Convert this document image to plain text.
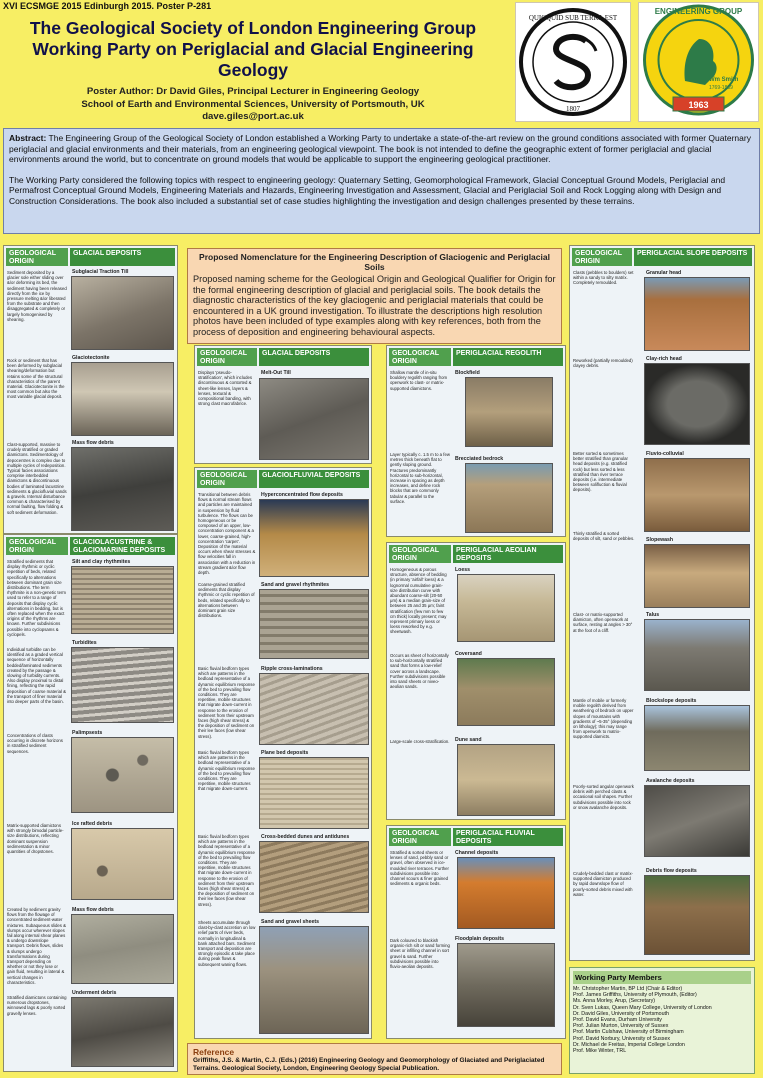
XVI ECSMGE 2015 Edinburgh 2015. Poster P-281
The Geological Society of London Engineering Group Working Party on Periglacial and Glacial Engineering Geology
Poster Author: Dr David Giles, Principal Lecturer in Engineering Geology
School of Earth and Environmental Sciences, University of Portsmouth, UK
dave.giles@port.ac.uk
QUICQUID SUB TERRA EST
1807
ENGINEERING GROUP
Wm Smith
1769-1839
1963

Abstract: The Engineering Group of the Geological Society of London established a Working Party to undertake a state-of-the-art review on the ground conditions associated with former Quaternary periglacial and glacial environments and their materials, from an engineering geological viewpoint. The book is not intended to define the geographic extent of former periglacial and glacial environments around the world, but to concentrate on ground models that would be applicable to support the engineering geological practitioner.

The Working Party considered the following topics with respect to engineering geology: Quaternary Setting, Geomorphological Framework, Glacial Conceptual Ground Models, Periglacial and Permafrost Conceptual Ground Models, Engineering Materials and Hazards, Engineering Investigation and Assessment, Glacial and Periglacial Soil and Rock Logging along with Design and Construction Considerations. The book also included a substantial set of case studies highlighting the investigation and design challenges presented by these terrains.

GEOLOGICAL ORIGIN
GLACIAL DEPOSITS
Sediment deposited by a glacier sole either sliding over &/or deforming its bed, the sediment having been released directly from the ice by pressure melting &/or liberated from the substrate and then disaggregated & completely or largely homogenised by shearing.
Subglacial Traction Till
Rock or sediment that has been deformed by subglacial shearing/deformation but retains some of the structural characteristics of the parent material. Glaciotectonite is the most common but also the most variable glacial deposit.
Glaciotectonite
Clast-supported, massive to crudely stratified or graded diamictons. Sedimentology of depocentres is complex due to multiple cycles of redeposition. Typical facies associations comprise interbedded diamictons & discontinuous bodies of laminated lacustrine sediments & glaciofluvial sands & gravels. Internal disturbance common & characterised by normal faulting, flow folding & soft sediment deformation.
Mass flow debris
GEOLOGICAL ORIGIN
GLACIOLACUSTRINE & GLACIOMARINE DEPOSITS
Stratified sediments that display rhythmic or cyclic repetition of beds, related specifically to alternations between dominant grain size distributions. The term rhythmite is a non-genetic term used to refer to a range of deposits that display cyclic alternations in bedding, but is often replaced when the exact origins of the rhythms are known. Further subdivisions possible into cyclopsams & cyclopels.
Silt and clay rhythmites
Individual turbidite can be identified as a graded vertical sequence of horizontally bedded/laminated sediments created by the passage & slowing of turbidity currents. Also display proximal to distal fining, reflecting the rapid deposition of coarse material & the transport of finer material into deeper parts of the basin.
Turbidites
Concentrations of clasts occurring in discrete horizons in stratified sediment sequences.
Palimpsests
Matrix-supported diamictons with strongly bimodal particle-size distributions, reflecting dominant suspension sedimentation & minor quantities of dropstones.
Ice rafted debris
Created by sediment gravity flows from the flowage of concentrated sediment-water mixtures. Subaqueous slides & slumps occur wherever slopes fail along internal shear planes & undergo downslope transport. Debris flows, slides & slumps undergo transformations during transport depending on whether or not they lose or gain fluid, resulting in lateral & vertical changes in characteristics.
Mass flow debris
Stratified diamictons containing numerous dropstones, winnowed lags & poorly sorted gravelly lenses.
Underment debris
Proposed Nomenclature for the Engineering Description of Glaciogenic and Periglacial Soils
Proposed naming scheme for the Geological Origin and Geological Qualifier for Origin for the formal engineering description of glacial and periglacial soils. The book details the diagnostic characteristics of the key glaciogenic and periglacial materials that could be encountered in a UK ground investigation. To illustrate the descriptions high resolution photos have been included of type examples along with key references, both from the process of deposition and engineering behavioural aspects.
GEOLOGICAL ORIGIN
GLACIAL DEPOSITS
Displays 'pseudo-stratification', which includes discontinuous & contorted & sheet-like lenses, layers & lenses, textural & compositional banding, with strong clast macrofabrice.
Melt-Out Till
GEOLOGICAL ORIGIN
GLACIOLFLUVIAL DEPOSITS
Transitional between debris flows & normal stream flows and particles are maintained in suspension by fluid turbulence. The flows can be homogeneous or be composed of an upper, low-concentration component & a lower, coarse-grained, high-concentration 'carpet'. Deposition of the material occurs when shear stresses & flow velocities fall in association with a reduction in stream gradient &/or flow depth.
Hyperconcentrated flow deposits
Coarse-grained stratified sediments that display rhythmic or cyclic repetition of beds, related specifically to alternations between dominant grain size distributions.
Sand and gravel rhythmites
Basic fluvial bedform types which are patterns in the bedload representative of a dynamic equilibrium response of the bed to prevailing flow conditions. They are repetitive, mobile structures that migrate down-current in response to the erosion of sediment from their upstream faces (high shear stress) & the deposition of sediment on their lee faces (low shear stress).
Ripple cross-laminations
Basic fluvial bedform types which are patterns in the bedload representative of a dynamic equilibrium response of the bed to prevailing flow conditions. They are repetitive, mobile structures that migrate down-current.
Plane bed deposits
Basic fluvial bedform types which are patterns in the bedload representative of a dynamic equilibrium response of the bed to prevailing flow conditions. They are repetitive, mobile structures that migrate down-current in response to the erosion of sediment from their upstream faces (high shear stress) & the deposition of sediment on their lee faces (low shear stress).
Cross-bedded dunes and antidunes
Sheets accumulate through clast-by-clast accretion on low relief parts of river beds, normally in longitudinal & bank attached bars. Sediment transport and deposition are strongly episodic & take place during peak flows & subsequent waning flows.
Sand and gravel sheets
GEOLOGICAL ORIGIN
PERIGLACIAL REGOLITH
Shallow mantle of in-situ bouldery regolith ranging from openwork to clast- or matrix-supported diamictons.
Blockfield
Layer typically c. 1.5 m to a few metres thick beneath flat to gently sloping ground. Fractures predominantly horizontal to sub-horizontal, increase in spacing as depth increases, and define rock blocks that are commonly tabular & parallel to the surface.
Brecciated bedrock
GEOLOGICAL ORIGIN
PERIGLACIAL AEOLIAN DEPOSITS
Homogeneous & porous structure, absence of bedding (in primary 'airfall' loess) & a lognormal cumulative grain-size distribution curve with abundant coarse-silt (20-50 μm) & a median grain-size of between 25 and 35 μm; faint stratification (few mm to few cm thick) locally present; may represent primary loess or loess reworked by e.g. sheetwash.
Loess
Occurs as sheet of horizontally to sub-horizontally stratified sand that forms a low-relief cover across a landscape. Further subdivisions possible into sand sheets or niveo-aeolian sands.
Coversand
Large-scale cross-stratification. Dune sand
GEOLOGICAL ORIGIN
PERIGLACIAL FLUVIAL DEPOSITS
Stratified & sorted sheets or lenses of sand, pebbly sand or gravel, often observed in ice-moulded river terraces. Further subdivisions possible into channel scours & finer grained sediments & organic beds.
Channel deposits
Dark coloured to blackish organic-rich silt or sand forming sheet or infilling channel in sort gravel & sand. Further subdivisions possible into fluvio-aeolian deposits.
Floodplain deposits
GEOLOGICAL ORIGIN
PERIGLACIAL SLOPE DEPOSITS
Clasts (pebbles to boulders) set within a sandy to silty matrix. Completely remoulded.
Granular head
Reworked (partially remoulded) clayey debris.
Clay-rich head
Better sorted & sometimes better stratified than granular head deposits (e.g. stratified rock) but less sorted & less stratified than river terrace deposits (i.e. intermediate between solifluction & fluvial deposits).
Fluvio-colluvial
Thinly stratified & sorted deposits of silt, sand or pebbles. Slopewash
Clast- or matrix-supported diamicton, often openwork at surface, resting at angles > 30° at the foot of a cliff.
Talus
Mantle of mobile or formerly mobile regolith derived from weathering of bedrock on upper slopes of mountains with gradients of ~5-35° (depending on lithology); this may range from openwork to matrix-supported diamicts.
Blockslope deposits
Poorly-sorted angular openwork debris with perched clasts & occasional soil shapes. Further subdivisions possible into rock or snow avalanche deposits.
Avalanche deposits
Crudely-bedded clast or matrix-supported diamicton produced by rapid downslope flow of poorly-sorted debris mixed with water.
Debris flow deposits
Working Party Members
Mr. Christopher Martin, BP Ltd (Chair & Editor)
Prof. James Griffiths, University of Plymouth, (Editor)
Ms. Anna Morley, Arup, (Secretary)
Dr. Sven Lukas, Queen Mary College, University of London
Dr. David Giles, University of Portsmouth
Prof. David Evans, Durham University
Prof. Julian Murton, University of Sussex
Prof. Martin Culshaw, University of Birmingham
Prof. David Norbury, University of Sussex
Dr. Michael de Freitas, Imperial College London
Prof. Mike Winter, TRL
Reference
Griffiths, J.S. & Martin, C.J. (Eds.) (2016) Engineering Geology and Geomorphology of Glaciated and Periglaciated Terrains. Geological Society, London, Engineering Geology Special Publication.
